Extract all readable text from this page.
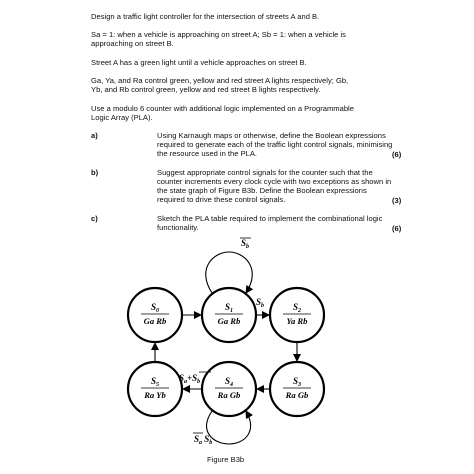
Design a traffic light controller for the intersection of streets A and B.
Sa = 1: when a vehicle is approaching on street A; Sb = 1: when a vehicle is
approaching on street B.
Street A has a green light until a vehicle approaches on street B.
Ga, Ya, and Ra control green, yellow and red street A lights respectively; Gb,
Yb, and Rb control green, yellow and red street B lights respectively.
Use a modulo 6 counter with additional logic implemented on a Programmable
Logic Array (PLA).
a)	Using Karnaugh maps or otherwise, define the Boolean expressions
required to generate each of the traffic light control signals, minimising
the resource used in the PLA.	(6)
b)	Suggest appropriate control signals for the counter such that the
counter increments every clock cycle with two exceptions as shown in
the state graph of Figure B3b. Define the Boolean expressions
required to drive these control signals.	(3)
c)	Sketch the PLA table required to implement the combinational logic
functionality.	(6)
$S_0$
Ga Rb
$S_1$
Ga Rb
$S_2$
Ya Rb
$S_3$
Ra Gb
$S_4$
Ra Gb
$S_5$
Ra Yb
$S_b$
$S_b$
$S_a+S_b$
$S_a$ $S_b$
Figure B3b
